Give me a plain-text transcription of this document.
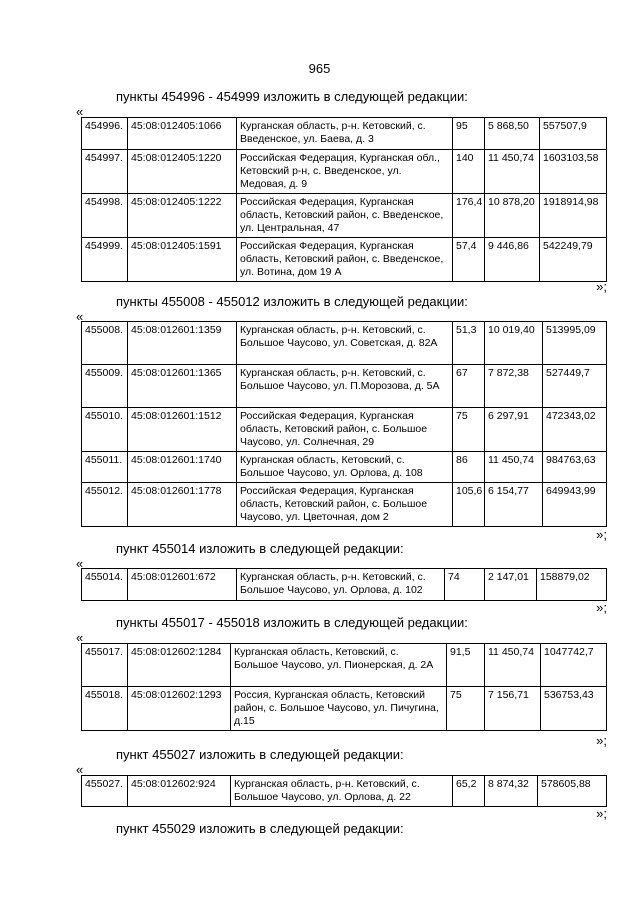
965
пункты 454996 - 454999 изложить в следующей редакции:
«
454996.	45:08:012405:1066	Курганская область, р-н. Кетовский, с. Введенское, ул. Баева, д. 3	95	5 868,50	557507,9
454997.	45:08:012405:1220	Российская Федерация, Курганская обл., Кетовский р-н, с. Введенское, ул. Медовая, д. 9	140	11 450,74	1603103,58
454998.	45:08:012405:1222	Российская Федерация, Курганская область, Кетовский район, с. Введенское, ул. Центральная, 47	176,4	10 878,20	1918914,98
454999.	45:08:012405:1591	Российская Федерация, Курганская область, Кетовский район, с. Введенское, ул. Вотина, дом 19 А	57,4	9 446,86	542249,79
»;
пункты 455008 - 455012 изложить в следующей редакции:
«
455008.	45:08:012601:1359	Курганская область, р-н. Кетовский, с. Большое Чаусово, ул. Советская, д. 82А	51,3	10 019,40	513995,09
455009.	45:08:012601:1365	Курганская область, р-н. Кетовский, с. Большое Чаусово, ул. П.Морозова, д. 5А	67	7 872,38	527449,7
455010.	45:08:012601:1512	Российская Федерация, Курганская область, Кетовский район, с. Большое Чаусово, ул. Солнечная, 29	75	6 297,91	472343,02
455011.	45:08:012601:1740	Курганская область, Кетовский, с. Большое Чаусово, ул. Орлова, д. 108	86	11 450,74	984763,63
455012.	45:08:012601:1778	Российская Федерация, Курганская область, Кетовский район, с. Большое Чаусово, ул. Цветочная, дом 2	105,6	6 154,77	649943,99
»;
пункт 455014 изложить в следующей редакции:
«
455014.	45:08:012601:672	Курганская область, р-н. Кетовский, с. Большое Чаусово, ул. Орлова, д. 102	74	2 147,01	158879,02
»;
пункты 455017 - 455018 изложить в следующей редакции:
«
455017.	45:08:012602:1284	Курганская область, Кетовский, с. Большое Чаусово, ул. Пионерская, д. 2А	91,5	11 450,74	1047742,7
455018.	45:08:012602:1293	Россия, Курганская область, Кетовский район, с. Большое Чаусово, ул. Пичугина, д.15	75	7 156,71	536753,43
»;
пункт 455027 изложить в следующей редакции:
«
455027.	45:08:012602:924	Курганская область, р-н. Кетовский, с. Большое Чаусово, ул. Орлова, д. 22	65,2	8 874,32	578605,88
»;
пункт 455029 изложить в следующей редакции:
